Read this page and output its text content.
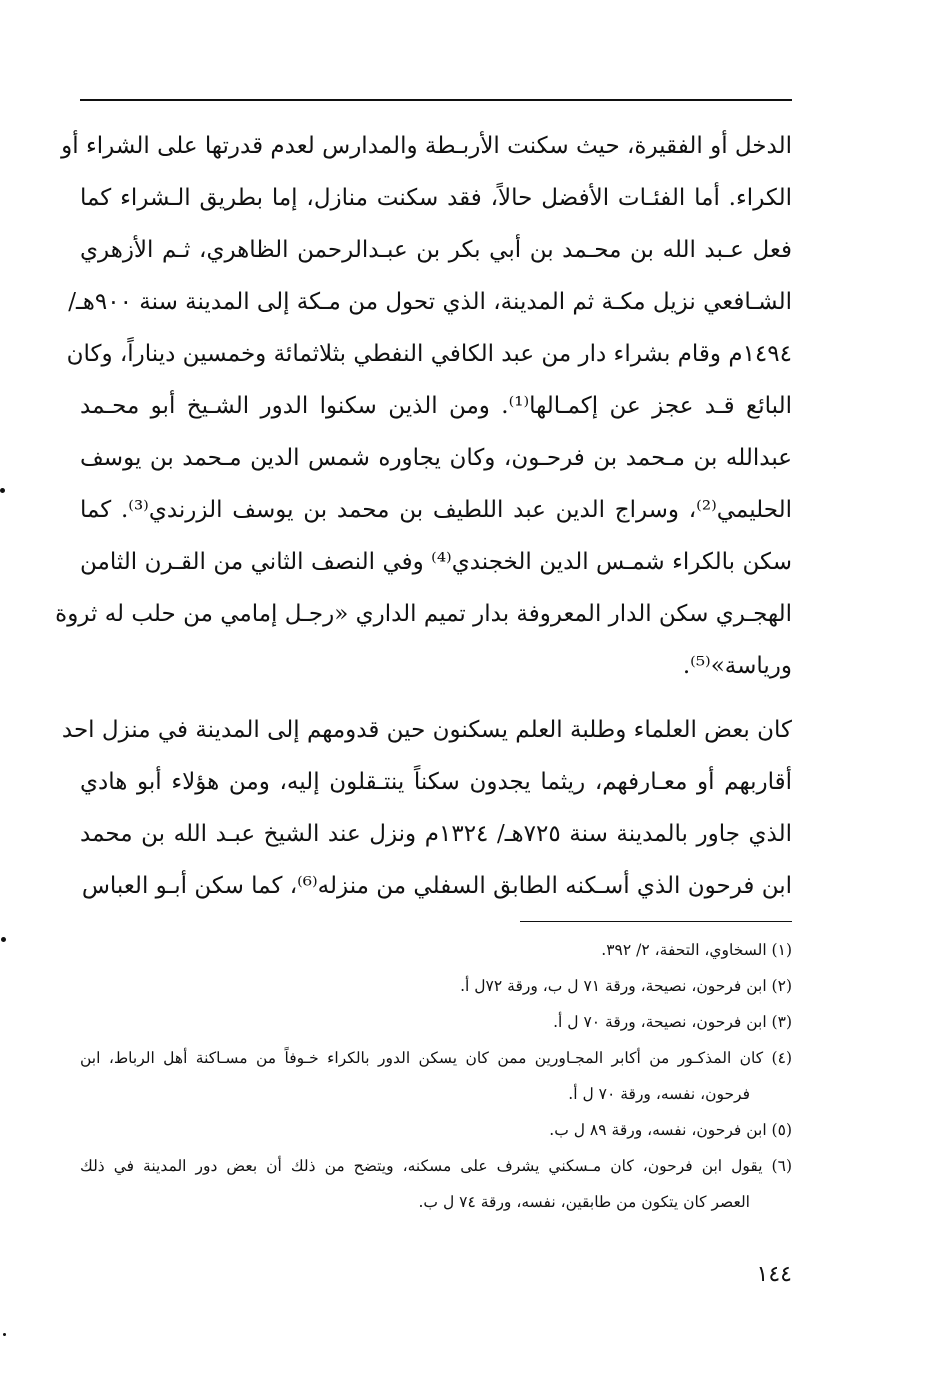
الدخل أو الفقيرة، حيث سكنت الأربـطة والمدارس لعدم قدرتها على الشراء أو
الكراء. أما الفئـات الأفضل حالاً، فقد سكنت منازل، إما بطريق الـشراء كما
فعل عـبد الله بن محـمد بن أبي بكر بن عبـدالرحمن الظاهري، ثـم الأزهري
الشـافعي نزيل مكـة ثم المدينة، الذي تحول من مـكة إلى المدينة سنة ٩٠٠هـ/
١٤٩٤م وقام بشراء دار من عبد الكافي النفطي بثلاثمائة وخمسين ديناراً، وكان
البائع قـد عجز عن إكمـالها⁽¹⁾. ومن الذين سكنوا الدور الشـيخ أبو محـمد
عبدالله بن مـحمد بن فرحـون، وكان يجاوره شمس الدين مـحمد بن يوسف
الحليمي⁽²⁾، وسراج الدين عبد اللطيف بن محمد بن يوسف الزرندي⁽³⁾. كما
سكن بالكراء شمـس الدين الخجندي⁽⁴⁾ وفي النصف الثاني من القـرن الثامن
الهجـري سكن الدار المعروفة بدار تميم الداري «رجـل إمامي من حلب له ثروة
ورياسة»⁽⁵⁾.
كان بعض العلماء وطلبة العلم يسكنون حين قدومهم إلى المدينة في منزل احد
أقاربهم أو معـارفهم، ريثما يجدون سكناً ينتـقلون إليه، ومن هؤلاء أبو هادي
الذي جاور بالمدينة سنة ٧٢٥هـ/ ١٣٢٤م ونزل عند الشيخ عبـد الله بن محمد
ابن فرحون الذي أسـكنه الطابق السفلي من منزله⁽⁶⁾، كما سكن أبـو العباس
(١) السخاوي، التحفة، ٢/ ٣٩٢.
(٢) ابن فرحون، نصيحة، ورقة ٧١ ل ب، ورقة ٧٢ل أ.
(٣) ابن فرحون، نصيحة، ورقة ٧٠ ل أ.
(٤) كان المذكـور من أكابر المجـاورين ممن كان يسكن الدور بالكراء خـوفاً من مسـاكنة أهل الرباط، ابن
فرحون، نفسه، ورقة ٧٠ ل أ.
(٥) ابن فرحون، نفسه، ورقة ٨٩ ل ب.
(٦) يقول ابن فرحون، كان مـسكني يشرف على مسكنه، ويتضح من ذلك أن بعض دور المدينة في ذلك
العصر كان يتكون من طابقين، نفسه، ورقة ٧٤ ل ب.
١٤٤
